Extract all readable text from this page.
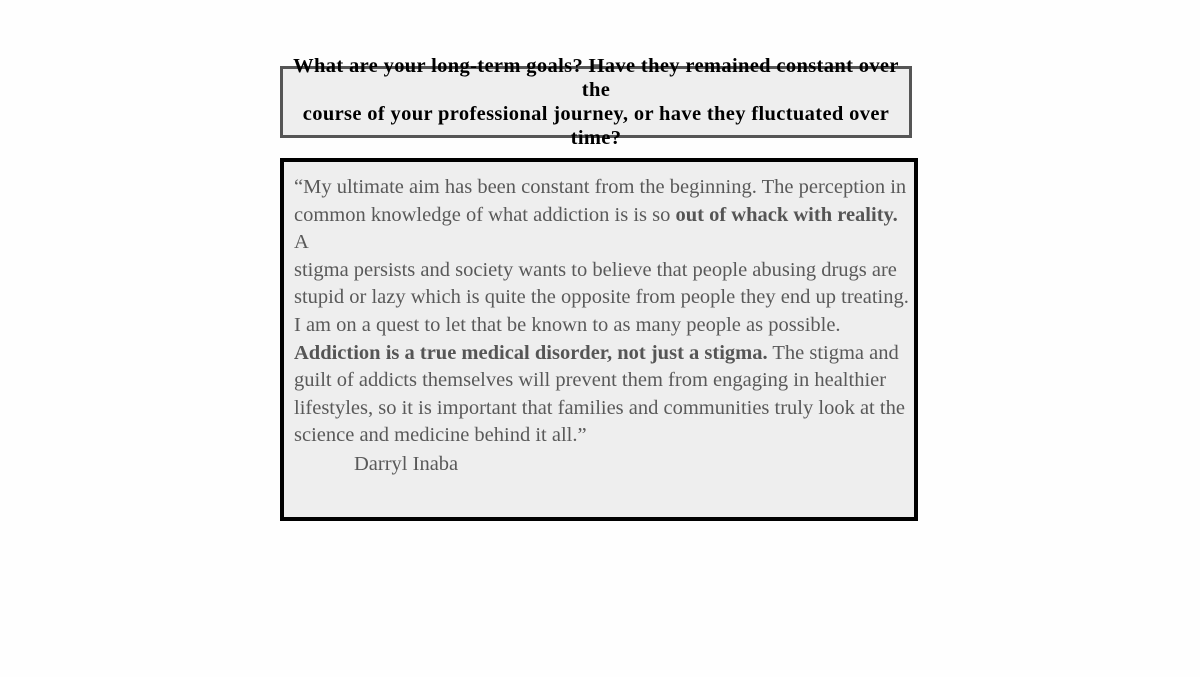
What are your long-term goals? Have they remained constant over the
course of your professional journey, or have they fluctuated over time?

“My ultimate aim has been constant from the beginning. The perception in
common knowledge of what addiction is is so out of whack with reality. A
stigma persists and society wants to believe that people abusing drugs are
stupid or lazy which is quite the opposite from people they end up treating.
I am on a quest to let that be known to as many people as possible.
Addiction is a true medical disorder, not just a stigma. The stigma and
guilt of addicts themselves will prevent them from engaging in healthier
lifestyles, so it is important that families and communities truly look at the
science and medicine behind it all.”

Darryl Inaba
